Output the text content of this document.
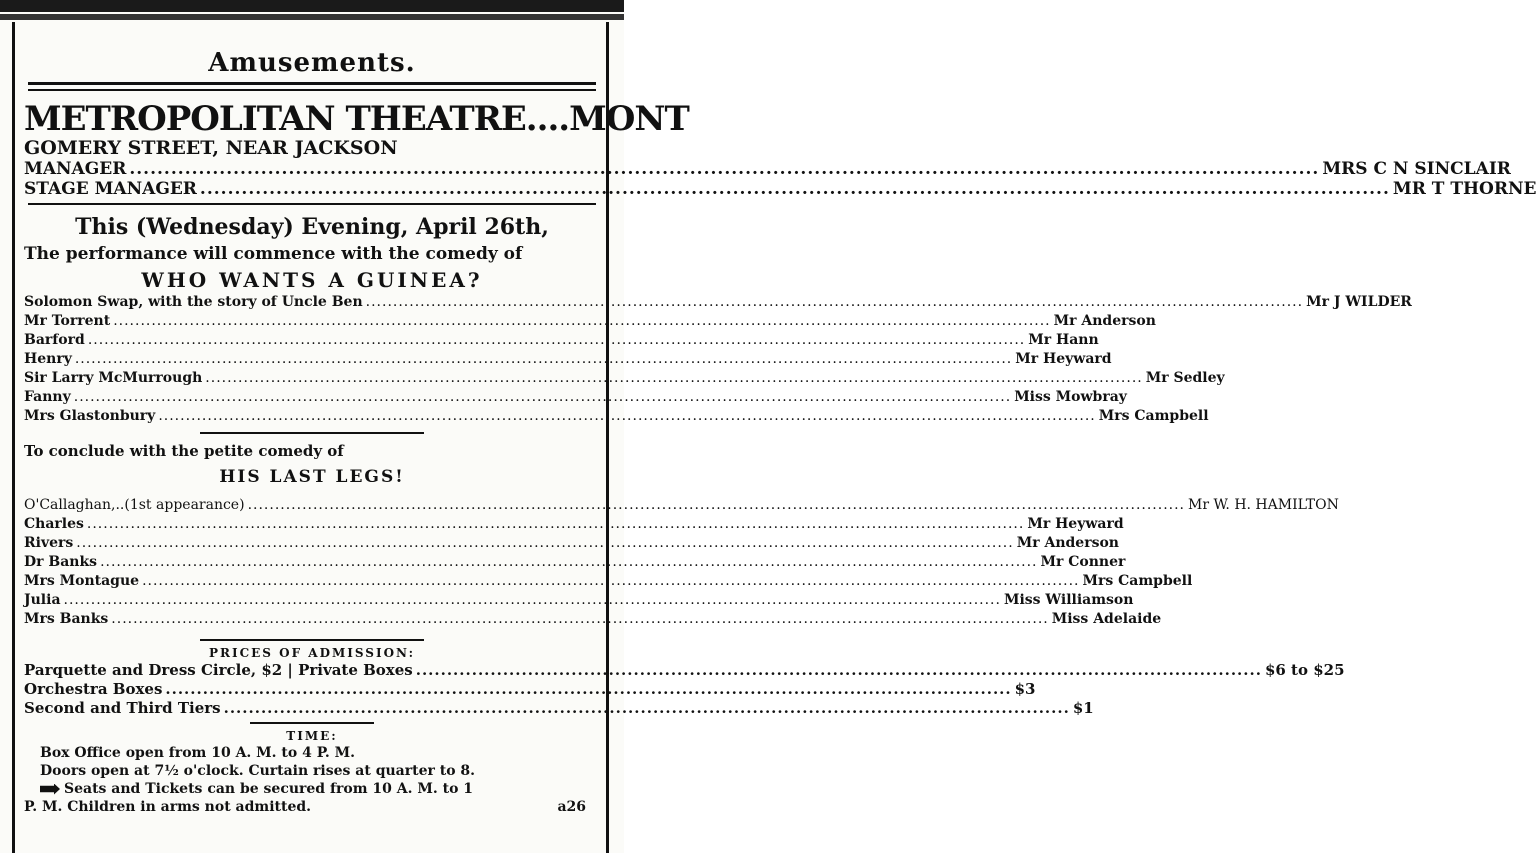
Amusements.
METROPOLITAN THEATRE....MONT
GOMERY STREET, NEAR JACKSON
MANAGER .....	MRS C N SINCLAIR
STAGE MANAGER .....	MR T THORNE
This (Wednesday) Evening, April 26th,
The performance will commence with the comedy of
WHO WANTS A GUINEA?
Solomon Swap, with the story of Uncle Ben .....	Mr J WILDER
Mr Torrent .....	Mr Anderson
Barford .....	Mr Hann
Henry .....	Mr Heyward
Sir Larry McMurrough .....	Mr Sedley
Fanny .....	Miss Mowbray
Mrs Glastonbury .....	Mrs Campbell
To conclude with the petite comedy of
HIS LAST LEGS!
O'Callaghan,..(1st appearance) .....	Mr W. H. HAMILTON
Charles .....	Mr Heyward
Rivers .....	Mr Anderson
Dr Banks .....	Mr Conner
Mrs Montague .....	Mrs Campbell
Julia .....	Miss Williamson
Mrs Banks .....	Miss Adelaide
PRICES OF ADMISSION:
Parquette and Dress Circle, $2 | Private Boxes .....	$6 to $25
Orchestra Boxes .....	$3
Second and Third Tiers .....	$1
TIME:
Box Office open from 10 A. M. to 4 P. M.
Doors open at 7½ o'clock. Curtain rises at quarter to 8.
Seats and Tickets can be secured from 10 A. M. to 1
P. M. Children in arms not admitted.	a26
